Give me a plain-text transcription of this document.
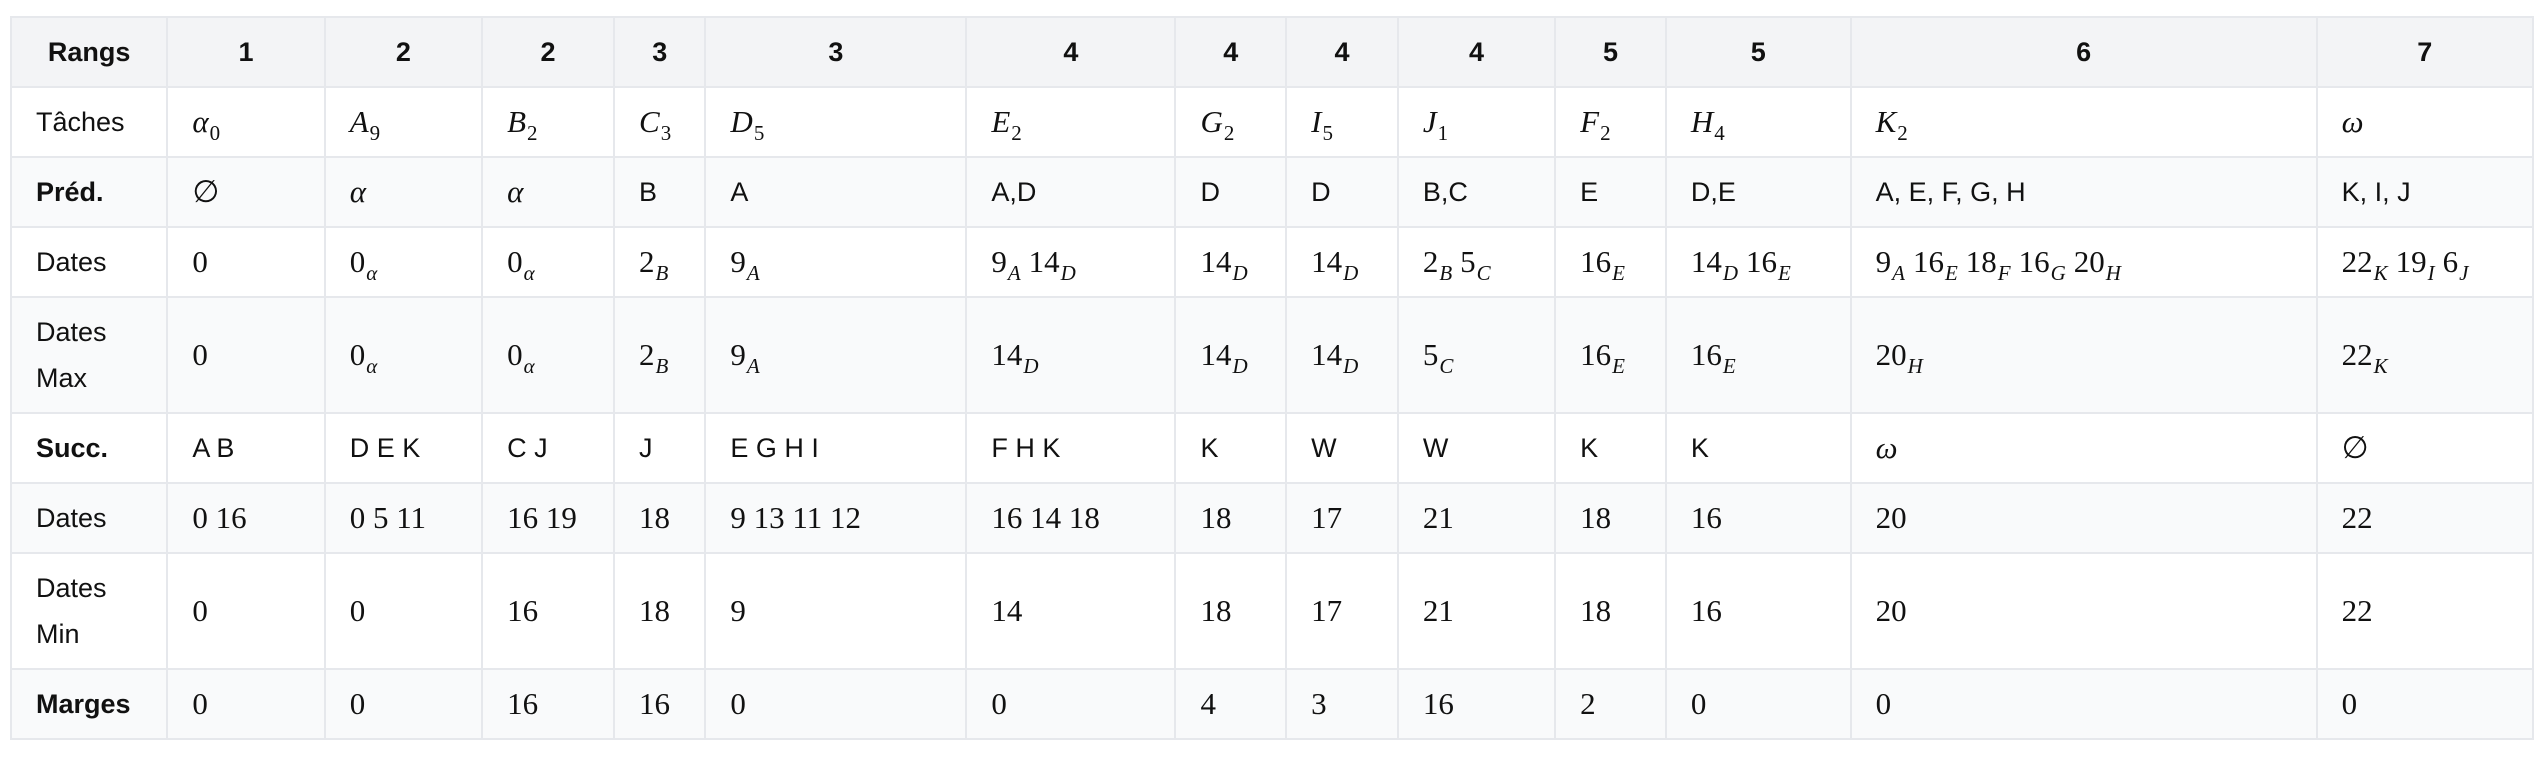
Rangs	1	2	2	3	3	4	4	4	4	5	5	6	7
Tâches	$\alpha_0$	$A_9$	$B_2$	$C_3$	$D_5$	$E_2$	$G_2$	$I_5$	$J_1$	$F_2$	$H_4$	$K_2$	ω
Préd.	∅	α	α	B	A	A,D	D	D	B,C	E	D,E	A, E, F, G, H	K, I, J
Dates	0	$0_\alpha$	$0_\alpha$	$2_B$	$9_A$	$9_A$ $14_D$	$14_D$	$14_D$	$2_B$ $5_C$	$16_E$	$14_D$ $16_E$	$9_A$ $16_E$ $18_F$ $16_G$ $20_H$	$22_K$ $19_I$ $6_J$
Dates Max	0	$0_\alpha$	$0_\alpha$	$2_B$	$9_A$	$14_D$	$14_D$	$14_D$	$5_C$	$16_E$	$16_E$	$20_H$	$22_K$
Succ.	A B	D E K	C J	J	E G H I	F H K	K	W	W	K	K	ω	∅
Dates	0 16	0 5 11	16 19	18	9 13 11 12	16 14 18	18	17	21	18	16	20	22
Dates Min	0	0	16	18	9	14	18	17	21	18	16	20	22
Marges	0	0	16	16	0	0	4	3	16	2	0	0	0
